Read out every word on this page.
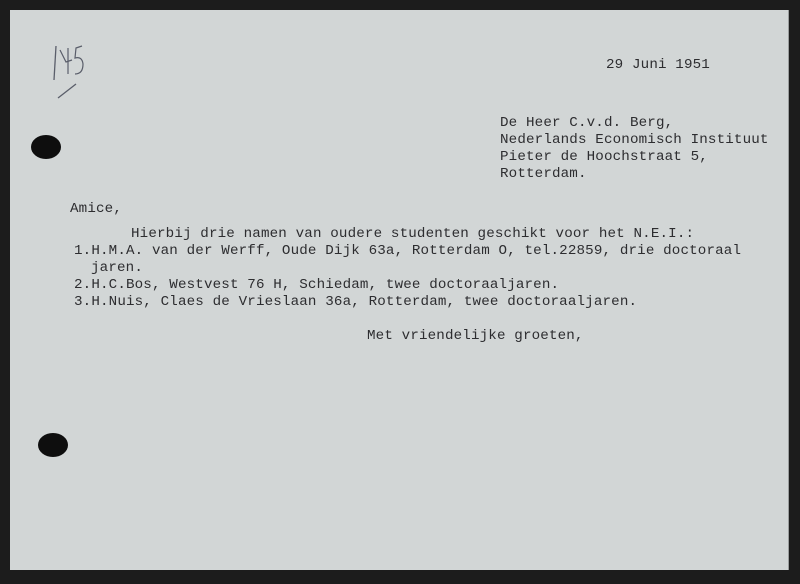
29 Juni 1951
De Heer C.v.d. Berg,
Nederlands Economisch Instituut
Pieter de Hoochstraat 5,
Rotterdam.
Amice,
Hierbij drie namen van oudere studenten geschikt voor het N.E.I.:
1.H.M.A. van der Werff, Oude Dijk 63a, Rotterdam O, tel.22859, drie doctoraal
jaren.
2.H.C.Bos, Westvest 76 H, Schiedam, twee doctoraaljaren.
3.H.Nuis, Claes de Vrieslaan 36a, Rotterdam, twee doctoraaljaren.
Met vriendelijke groeten,
